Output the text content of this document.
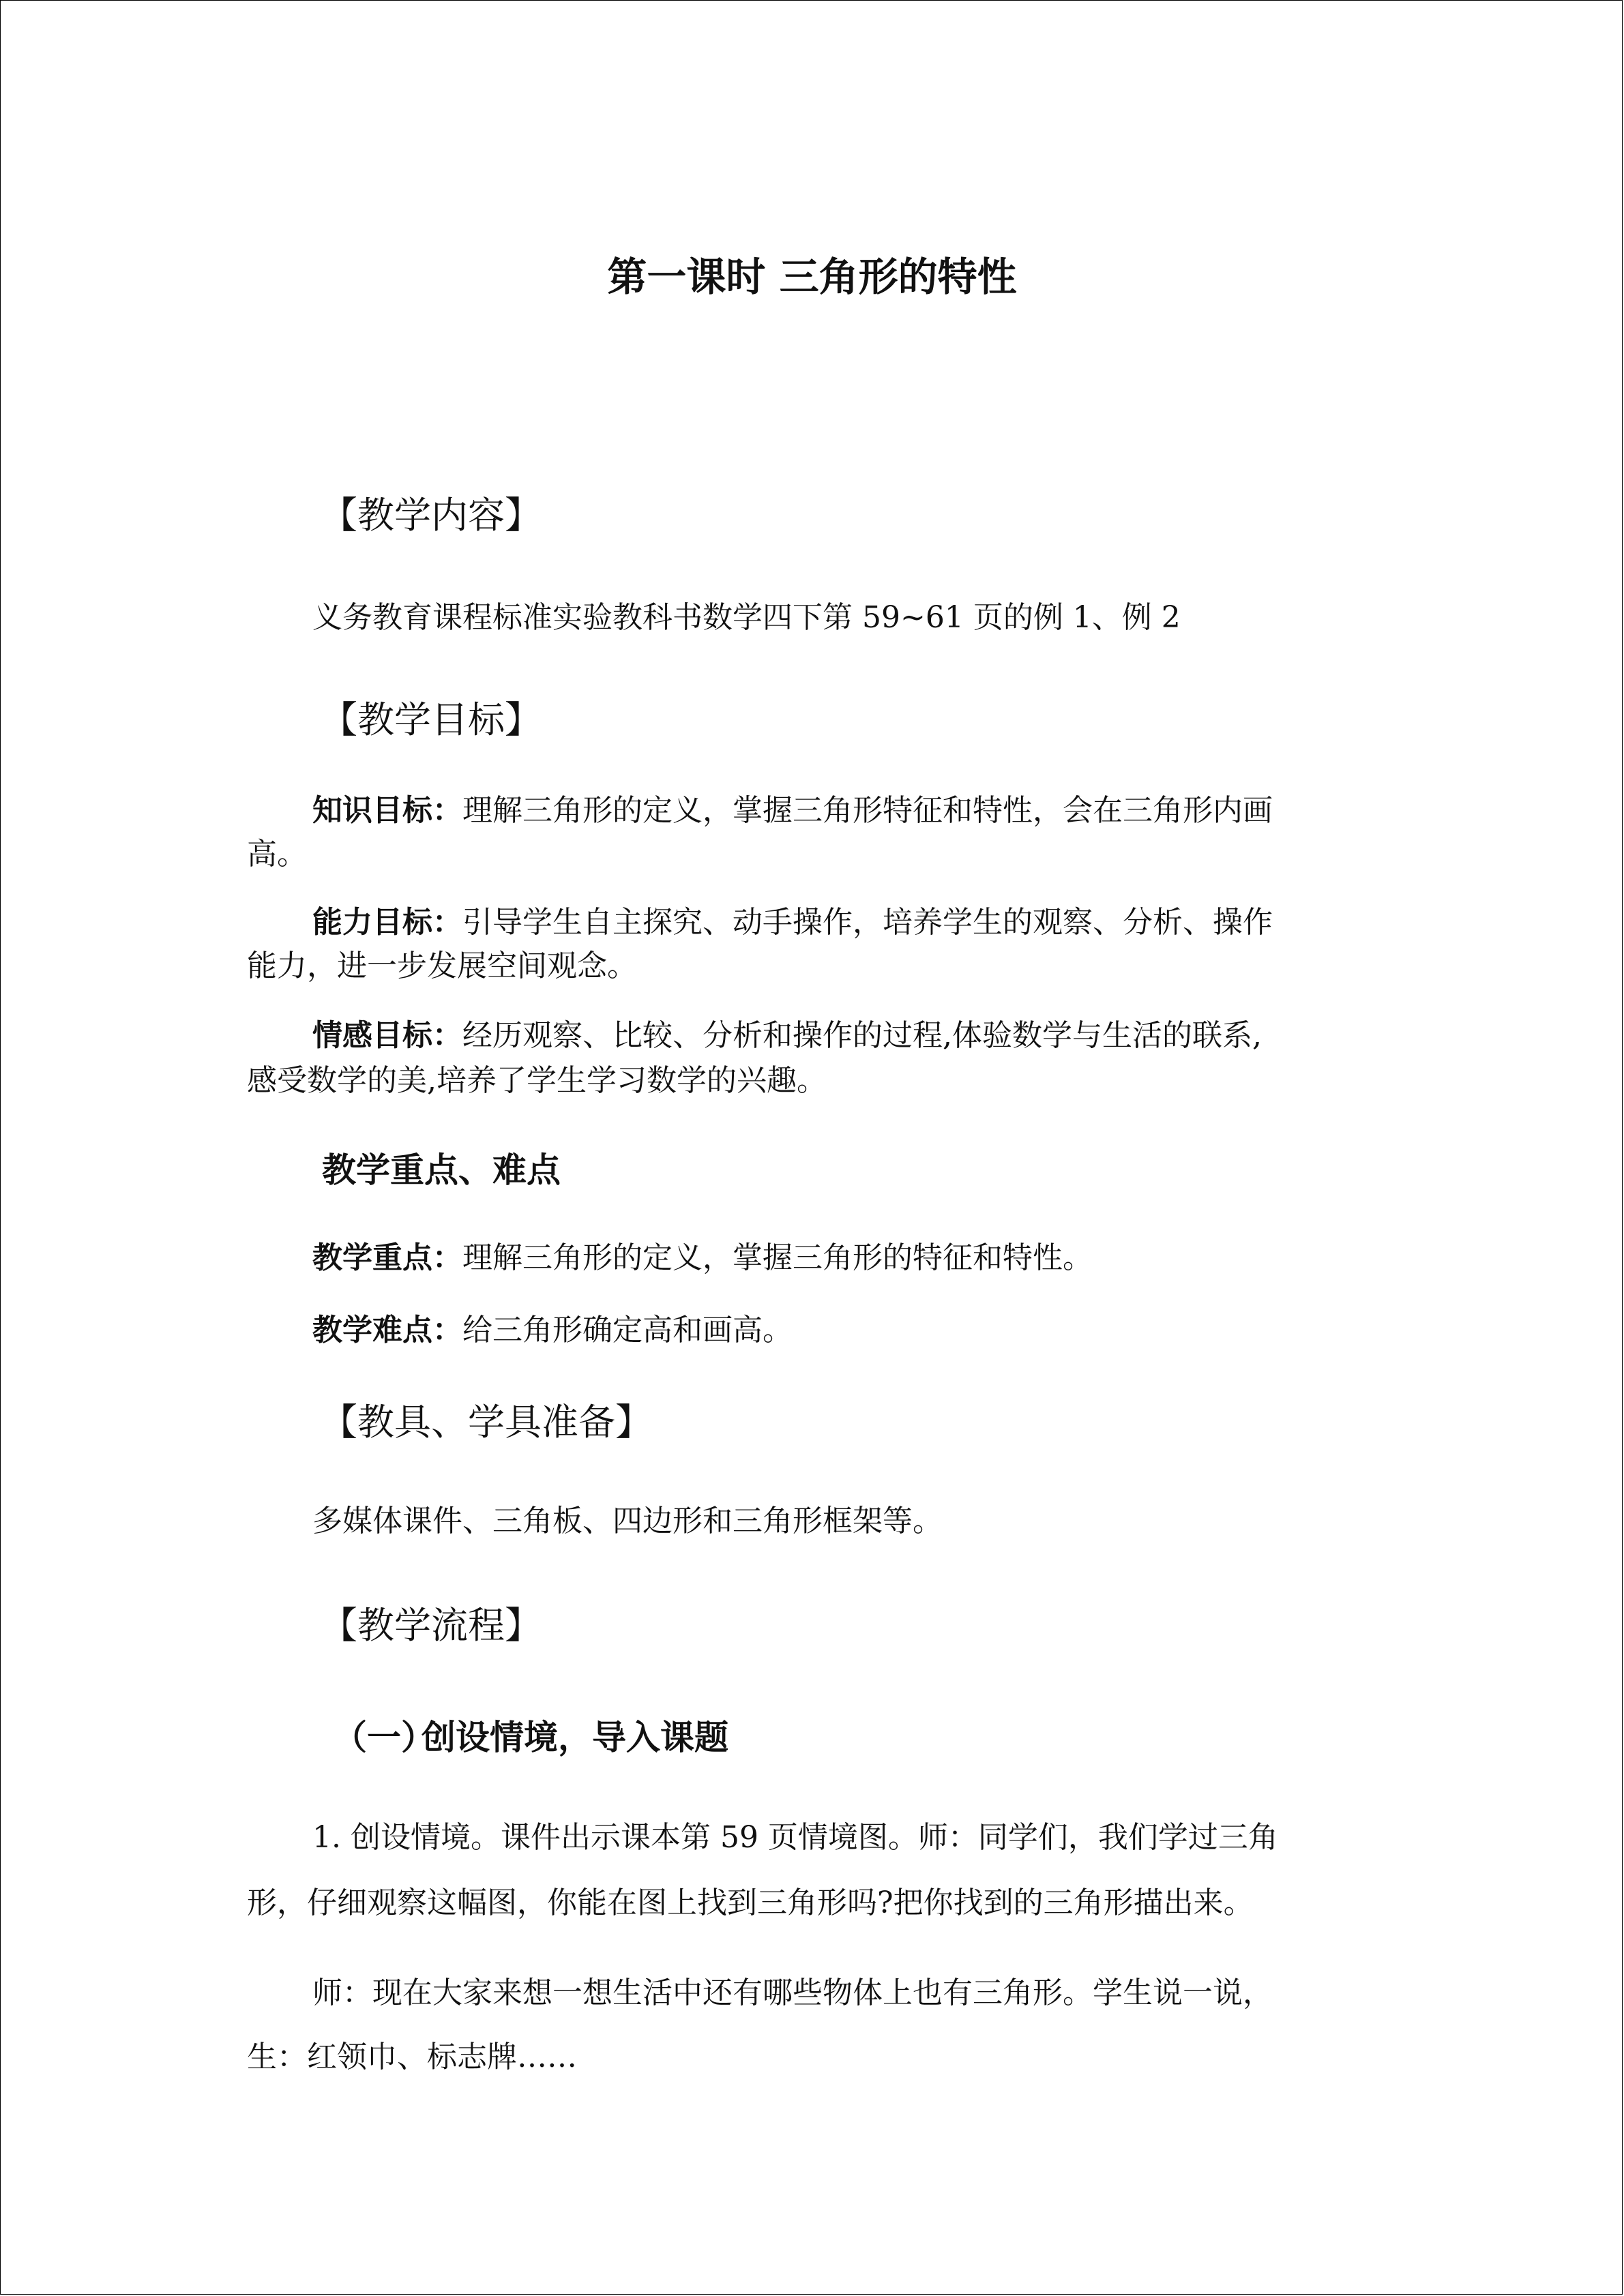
第一课时 三角形的特性
【教学内容】
义务教育课程标准实验教科书数学四下第 59~61 页的例 1、例 2
【教学目标】
知识目标：理解三角形的定义，掌握三角形特征和特性，会在三角形内画
高。
能力目标：引导学生自主探究、动手操作，培养学生的观察、分析、操作
能力，进一步发展空间观念。
情感目标：经历观察、比较、分析和操作的过程,体验数学与生活的联系,
感受数学的美,培养了学生学习数学的兴趣。
教学重点、难点
教学重点：理解三角形的定义，掌握三角形的特征和特性。
教学难点：给三角形确定高和画高。
【教具、学具准备】
多媒体课件、三角板、四边形和三角形框架等。
【教学流程】
（一）创设情境，导入课题
1. 创设情境。课件出示课本第 59 页情境图。师：同学们，我们学过三角
形，仔细观察这幅图，你能在图上找到三角形吗?把你找到的三角形描出来。
师：现在大家来想一想生活中还有哪些物体上也有三角形。学生说一说，
生：红领巾、标志牌……
